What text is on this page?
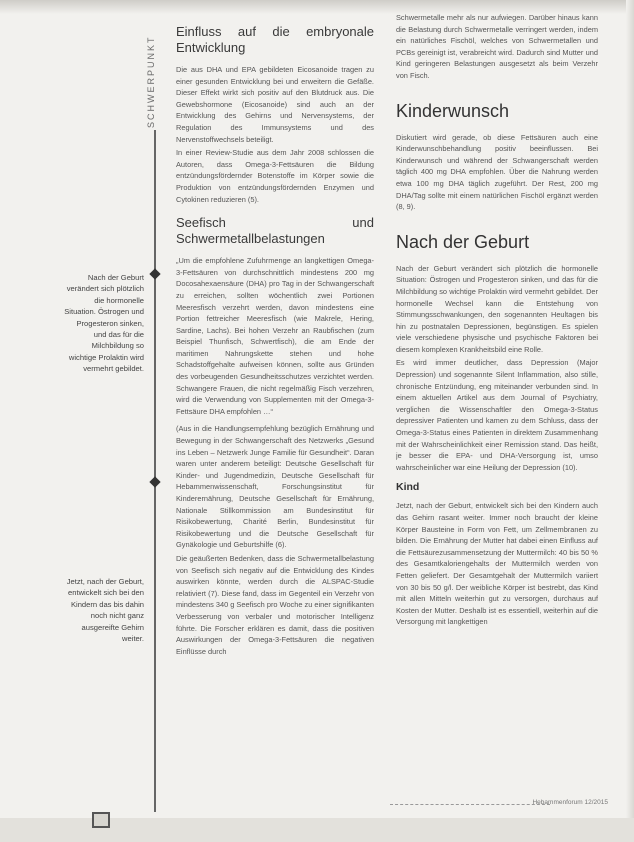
SCHWERPUNKT
Nach der Geburt verändert sich plötzlich die hormonelle Situation. Östrogen und Progesteron sinken, und das für die Milchbildung so wichtige Prolaktin wird vermehrt gebildet.
Jetzt, nach der Geburt, entwickelt sich bei den Kindern das bis dahin noch nicht ganz ausgereifte Gehirn weiter.
Einfluss auf die embryonale Entwicklung

Die aus DHA und EPA gebildeten Eicosanoide tragen zu einer gesunden Entwicklung bei und erweitern die Gefäße. Dieser Effekt wirkt sich positiv auf den Blutdruck aus. Die Gewebshormone (Eicosanoide) sind auch an der Entwicklung des Gehirns und Nervensystems, der Regulation des Immunsystems und des Nervenstoffwechsels beteiligt.

In einer Review-Studie aus dem Jahr 2008 schlossen die Autoren, dass Omega-3-Fettsäuren die Bildung entzündungsfördernder Botenstoffe im Körper sowie die Produktion von entzündungsfördernden Enzymen und Cytokinen reduzieren (5).

Seefisch und Schwermetallbelastungen

„Um die empfohlene Zufuhrmenge an langkettigen Omega-3-Fettsäuren von durchschnittlich mindestens 200 mg Docosahexaensäure (DHA) pro Tag in der Schwangerschaft zu erreichen, sollten wöchentlich zwei Portionen Meeresfisch verzehrt werden, davon mindestens eine Portion fettreicher Meeresfisch (wie Makrele, Hering, Sardine, Lachs). Bei hohen Verzehr an Raubfischen (zum Beispiel Thunfisch, Schwertfisch), die am Ende der maritimen Nahrungskette stehen und hohe Schadstoffgehalte aufweisen können, sollte aus Gründen des vorbeugenden Gesundheitsschutzes verzichtet werden. Schwangere Frauen, die nicht regelmäßig Fisch verzehren, wird die Verwendung von Supplementen mit der Omega-3-Fettsäure DHA empfohlen …“

(Aus in die Handlungsempfehlung bezüglich Ernährung und Bewegung in der Schwangerschaft des Netzwerks „Gesund ins Leben – Netzwerk Junge Familie für Gesundheit“. Daran waren unter anderem beteiligt: Deutsche Gesellschaft für Kinder- und Jugendmedizin, Deutsche Gesellschaft für Hebammenwissenschaft, Forschungsinstitut für Kinderernährung, Deutsche Gesellschaft für Ernährung, Nationale Stillkommission am Bundesinstitut für Risikobewertung, Charité Berlin, Bundesinstitut für Risikobewertung und die Deutsche Gesellschaft für Gynäkologie und Geburtshilfe (6).

Die geäußerten Bedenken, dass die Schwermetallbelastung von Seefisch sich negativ auf die Entwicklung des Kindes auswirken könnte, werden durch die ALSPAC-Studie relativiert (7). Diese fand, dass im Gegenteil ein Verzehr von mindestens 340 g Seefisch pro Woche zu einer signifikanten Verbesserung von verbaler und motorischer Intelligenz führte. Die Forscher erklären es damit, dass die positiven Auswirkungen der Omega-3-Fettsäuren die negativen Einflüsse durch

Schwermetalle mehr als nur aufwiegen. Darüber hinaus kann die Belastung durch Schwermetalle verringert werden, indem ein natürliches Fischöl, welches von Schwermetallen und PCBs gereinigt ist, verabreicht wird. Dadurch sind Mutter und Kind geringeren Belastungen ausgesetzt als beim Verzehr von Fisch.

Kinderwunsch

Diskutiert wird gerade, ob diese Fettsäuren auch eine Kinderwunschbehandlung positiv beeinflussen. Bei Kinderwunsch und während der Schwangerschaft werden täglich 400 mg DHA empfohlen. Über die Nahrung werden etwa 100 mg DHA täglich zugeführt. Der Rest, 200 mg DHA/Tag sollte mit einem natürlichen Fischöl ergänzt werden (8, 9).

Nach der Geburt

Nach der Geburt verändert sich plötzlich die hormonelle Situation: Östrogen und Progesteron sinken, und das für die Milchbildung so wichtige Prolaktin wird vermehrt gebildet. Der hormonelle Wechsel kann die Entstehung von Stimmungsschwankungen, den sogenannten Heultagen bis hin zu postnatalen Depressionen, begünstigen. Es spielen viele verschiedene physische und psychische Faktoren bei diesem komplexen Krankheitsbild eine Rolle.

Es wird immer deutlicher, dass Depression (Major Depression) und sogenannte Silent Inflammation, also stille, chronische Entzündung, eng miteinander verbunden sind. In einem aktuellen Artikel aus dem Journal of Psychiatry, verglichen die Wissenschaftler den Omega-3-Status depressiver Patienten und kamen zu dem Schluss, dass der Omega-3-Status eines Patienten in direktem Zusammenhang mit der Wahrscheinlichkeit einer Remission stand. Das heißt, je besser die EPA- und DHA-Versorgung ist, umso wahrscheinlicher war eine Heilung der Depression (10).

Kind

Jetzt, nach der Geburt, entwickelt sich bei den Kindern auch das Gehirn rasant weiter. Immer noch braucht der kleine Körper Bausteine in Form von Fett, um Zellmembranen zu bilden. Die Ernährung der Mutter hat dabei einen Einfluss auf die Fettsäurezusammensetzung der Muttermilch: 40 bis 50 % des Gesamtkaloriengehalts der Muttermilch werden von Fetten geliefert. Der Gesamtgehalt der Muttermilch variiert von 30 bis 50 g/l. Der weibliche Körper ist bestrebt, das Kind mit allen Mitteln weiterhin gut zu versorgen, durchaus auf Kosten der Mutter. Deshalb ist es essentiell, weiterhin auf die Versorgung mit langkettigen

Hebammenforum 12/2015
